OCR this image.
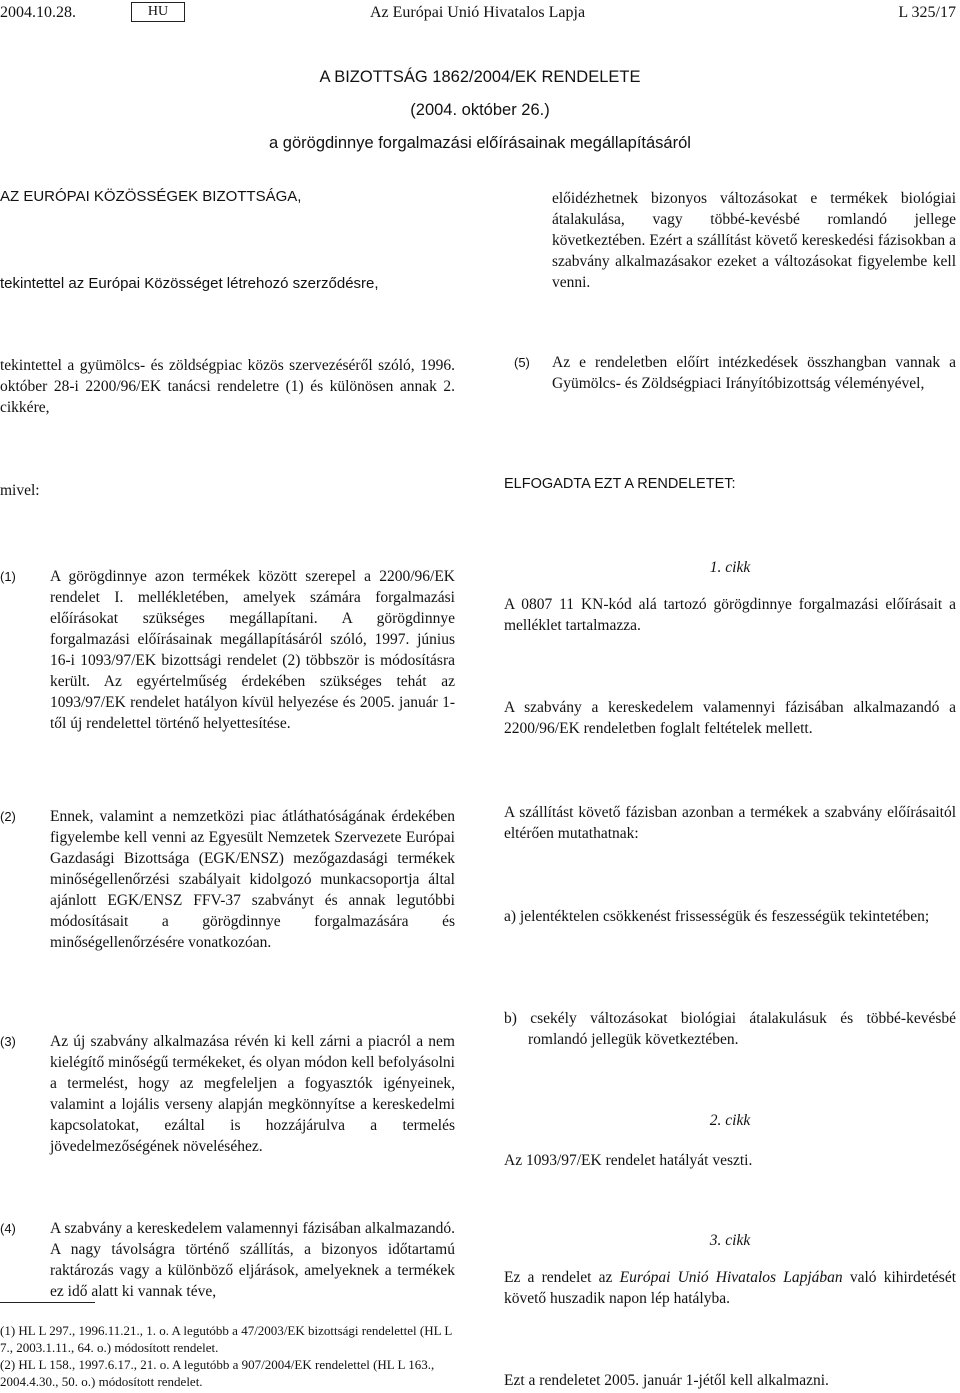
2004.10.28.	HU	Az Európai Unió Hivatalos Lapja	L 325/17
A BIZOTTSÁG 1862/2004/EK RENDELETE
(2004. október 26.)
a görögdinnye forgalmazási előírásainak megállapításáról
AZ EURÓPAI KÖZÖSSÉGEK BIZOTTSÁGA,
tekintettel az Európai Közösséget létrehozó szerződésre,
tekintettel a gyümölcs- és zöldségpiac közös szervezéséről szóló, 1996. október 28-i 2200/96/EK tanácsi rendeletre (1) és különösen annak 2. cikkére,
mivel:
(1) A görögdinnye azon termékek között szerepel a 2200/96/EK rendelet I. mellékletében, amelyek számára forgalmazási előírásokat szükséges megállapítani. A görögdinnye forgalmazási előírásainak megállapításáról szóló, 1997. június 16-i 1093/97/EK bizottsági rendelet (2) többször is módosításra került. Az egyértelműség érdekében szükséges tehát az 1093/97/EK rendelet hatályon kívül helyezése és 2005. január 1-től új rendelettel történő helyettesítése.
(2) Ennek, valamint a nemzetközi piac átláthatóságának érdekében figyelembe kell venni az Egyesült Nemzetek Szervezete Európai Gazdasági Bizottsága (EGK/ENSZ) mezőgazdasági termékek minőségellenőrzési szabályait kidolgozó munkacsoportja által ajánlott EGK/ENSZ FFV-37 szabványt és annak legutóbbi módosításait a görögdinnye forgalmazására és minőségellenőrzésére vonatkozóan.
(3) Az új szabvány alkalmazása révén ki kell zárni a piacról a nem kielégítő minőségű termékeket, és olyan módon kell befolyásolni a termelést, hogy az megfeleljen a fogyasztók igényeinek, valamint a lojális verseny alapján megkönnyítse a kereskedelmi kapcsolatokat, ezáltal is hozzájárulva a termelés jövedelmezőségének növeléséhez.
(4) A szabvány a kereskedelem valamennyi fázisában alkalmazandó. A nagy távolságra történő szállítás, a bizonyos időtartamú raktározás vagy a különböző eljárások, amelyeknek a termékek ez idő alatt ki vannak téve,
(1) HL L 297., 1996.11.21., 1. o. A legutóbb a 47/2003/EK bizottsági rendelettel (HL L 7., 2003.1.11., 64. o.) módosított rendelet.
(2) HL L 158., 1997.6.17., 21. o. A legutóbb a 907/2004/EK rendelettel (HL L 163., 2004.4.30., 50. o.) módosított rendelet.
előidézhetnek bizonyos változásokat e termékek biológiai átalakulása, vagy többé-kevésbé romlandó jellege következtében. Ezért a szállítást követő kereskedési fázisokban a szabvány alkalmazásakor ezeket a változásokat figyelembe kell venni.
(5) Az e rendeletben előírt intézkedések összhangban vannak a Gyümölcs- és Zöldségpiaci Irányítóbizottság véleményével,
ELFOGADTA EZT A RENDELETET:
1. cikk
A 0807 11 KN-kód alá tartozó görögdinnye forgalmazási előírásait a melléklet tartalmazza.
A szabvány a kereskedelem valamennyi fázisában alkalmazandó a 2200/96/EK rendeletben foglalt feltételek mellett.
A szállítást követő fázisban azonban a termékek a szabvány előírásaitól eltérően mutathatnak:
a) jelentéktelen csökkenést frissességük és feszességük tekintetében;
b) csekély változásokat biológiai átalakulásuk és többé-kevésbé romlandó jellegük következtében.
2. cikk
Az 1093/97/EK rendelet hatályát veszti.
3. cikk
Ez a rendelet az Európai Unió Hivatalos Lapjában való kihirdetését követő huszadik napon lép hatályba.
Ezt a rendeletet 2005. január 1-jétől kell alkalmazni.
